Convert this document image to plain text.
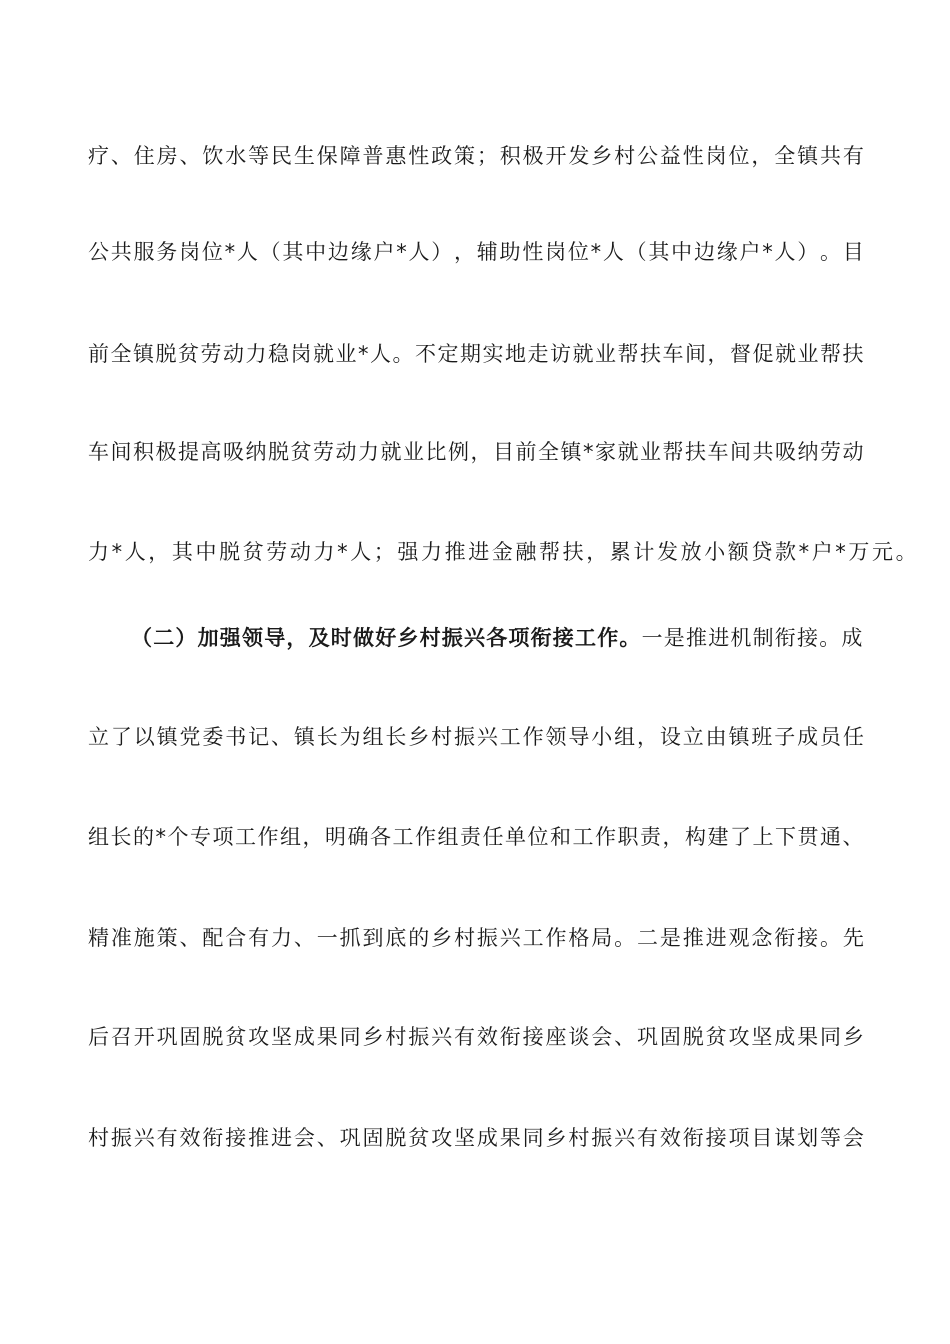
疗 、 住 房 、 饮 水 等 民 生 保 障 普 惠 性 政 策 ； 积 极 开 发 乡 村 公 益 性 岗 位 ， 全 镇 共 有
公 共 服 务 岗 位 * 人 （ 其 中 边 缘 户 * 人 ） ， 辅 助 性 岗 位 * 人 （ 其 中 边 缘 户 * 人 ） 。 目
前 全 镇 脱 贫 劳 动 力 稳 岗 就 业 * 人 。 不 定 期 实 地 走 访 就 业 帮 扶 车 间 ， 督 促 就 业 帮 扶
车 间 积 极 提 高 吸 纳 脱 贫 劳 动 力 就 业 比 例 ， 目 前 全 镇 * 家 就 业 帮 扶 车 间 共 吸 纳 劳 动
力*人，其中脱贫劳动力*人；强力推进金融帮扶，累计发放小额贷款*户*万元。
（二）加强领导，及时做好乡村振兴各项衔接工作。 一是推进机制衔接。成
立 了 以 镇 党 委 书 记 、 镇 长 为 组 长 乡 村 振 兴 工 作 领 导 小 组 ， 设 立 由 镇 班 子 成 员 任
组 长 的 * 个 专 项 工 作 组 ， 明 确 各 工 作 组 责 任 单 位 和 工 作 职 责 ， 构 建 了 上 下 贯 通 、
精 准 施 策 、 配 合 有 力 、 一 抓 到 底 的 乡 村 振 兴 工 作 格 局 。 二 是 推 进 观 念 衔 接 。 先
后 召 开 巩 固 脱 贫 攻 坚 成 果 同 乡 村 振 兴 有 效 衔 接 座 谈 会 、 巩 固 脱 贫 攻 坚 成 果 同 乡
村 振 兴 有 效 衔 接 推 进 会 、 巩 固 脱 贫 攻 坚 成 果 同 乡 村 振 兴 有 效 衔 接 项 目 谋 划 等 会
